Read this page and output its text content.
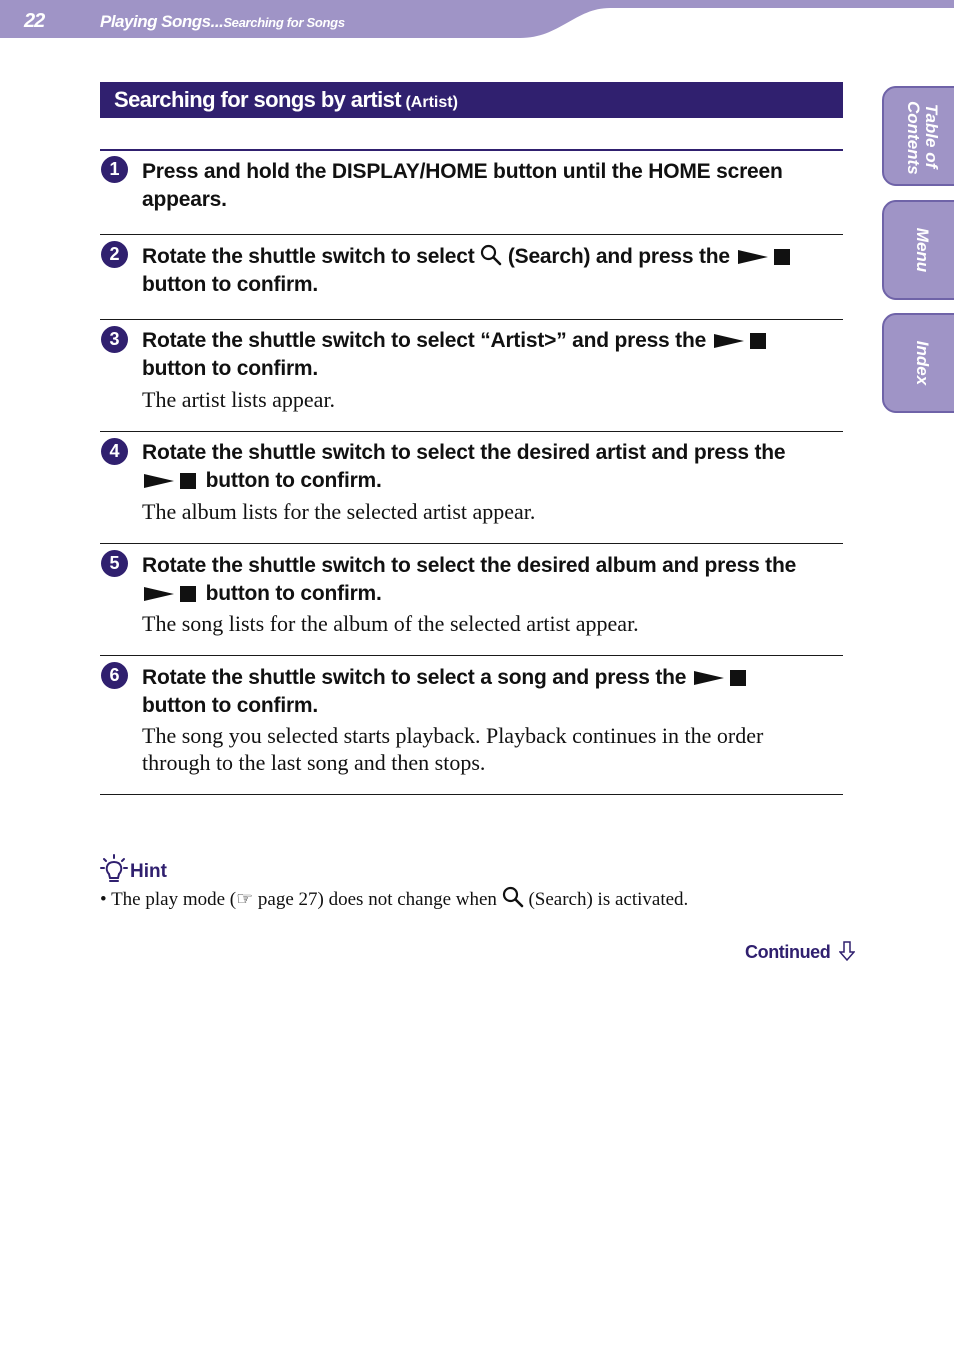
22	Playing Songs...Searching for Songs
Table of Contents
Menu
Index
Searching for songs by artist (Artist)
1	Press and hold the DISPLAY/HOME button until the HOME screen appears.
2	Rotate the shuttle switch to select (Search) and press the
button to confirm.
3	Rotate the shuttle switch to select “Artist>” and press the
button to confirm.
The artist lists appear.
4	Rotate the shuttle switch to select the desired artist and press the
button to confirm.
The album lists for the selected artist appear.
5	Rotate the shuttle switch to select the desired album and press the
button to confirm.
The song lists for the album of the selected artist appear.
6	Rotate the shuttle switch to select a song and press the
button to confirm.
The song you selected starts playback. Playback continues in the order through to the last song and then stops.
Hint
• The play mode (☞ page 27) does not change when (Search) is activated.
Continued
